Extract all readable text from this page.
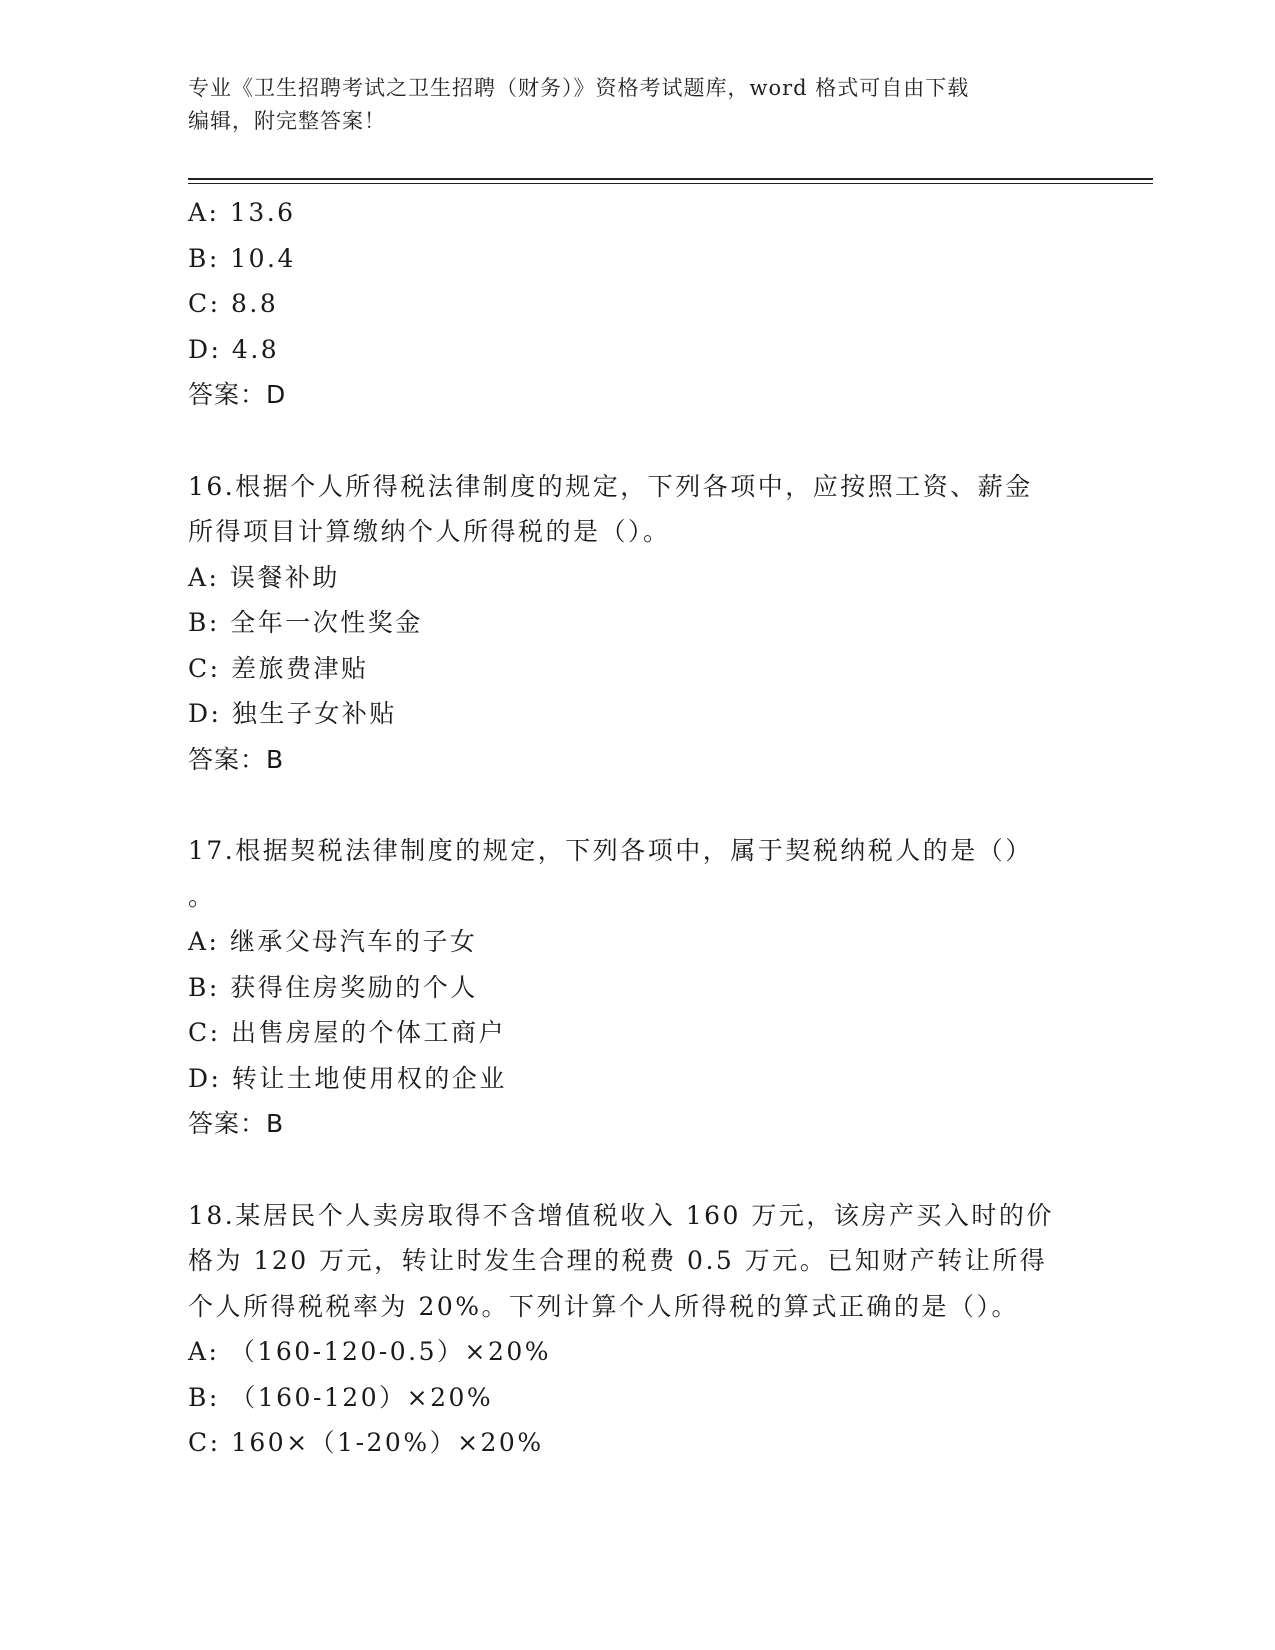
专业《卫生招聘考试之卫生招聘（财务）》资格考试题库，word 格式可自由下载
编辑，附完整答案！
A: 13.6
B: 10.4
C: 8.8
D: 4.8
答案：D
16.根据个人所得税法律制度的规定，下列各项中，应按照工资、薪金
所得项目计算缴纳个人所得税的是（）。
A: 误餐补助
B: 全年一次性奖金
C: 差旅费津贴
D: 独生子女补贴
答案：B
17.根据契税法律制度的规定，下列各项中，属于契税纳税人的是（）
。
A: 继承父母汽车的子女
B: 获得住房奖励的个人
C: 出售房屋的个体工商户
D: 转让土地使用权的企业
答案：B
18.某居民个人卖房取得不含增值税收入 160 万元，该房产买入时的价
格为 120 万元，转让时发生合理的税费 0.5 万元。已知财产转让所得
个人所得税税率为 20%。下列计算个人所得税的算式正确的是（）。
A: （160-120-0.5）×20%
B: （160-120）×20%
C: 160×（1-20%）×20%
